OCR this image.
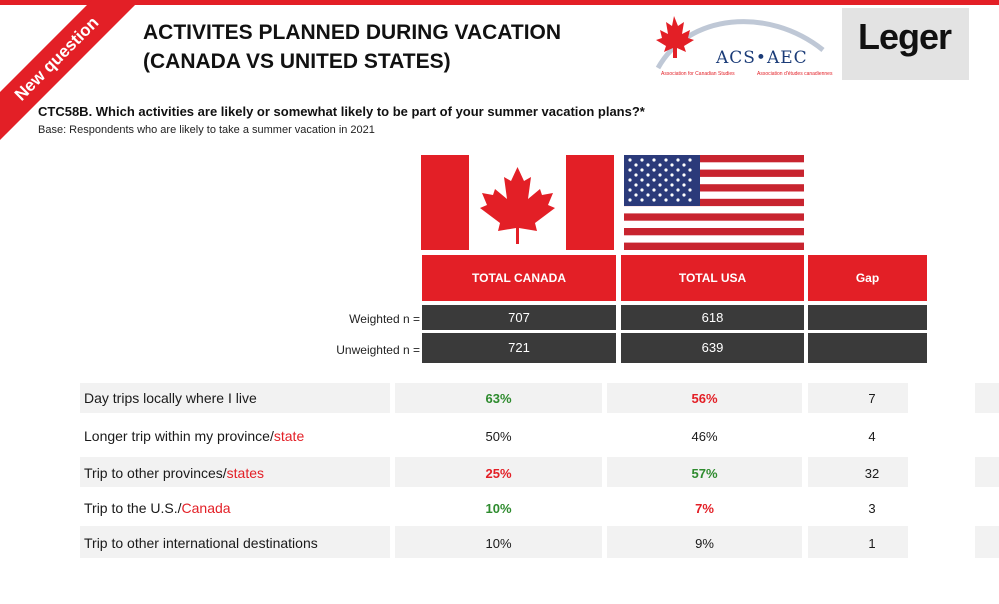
New question	ACTIVITES PLANNED DURING VACATION
(CANADA VS UNITED STATES)	ACS•AEC
Association for Canadian Studies	Association d'études canadiennes
Leger
CTC58B. Which activities are likely or somewhat likely to be part of your summer vacation plans?*
Base: Respondents who are likely to take a summer vacation in 2021
TOTAL CANADA	TOTAL USA	Gap
Weighted n =	707	618
Unweighted n =	721	639
Day trips locally where I live	63%	56%	7
Longer trip within my province/state	50%	46%	4
Trip to other provinces/states	25%	57%	32
Trip to the U.S./Canada	10%	7%	3
Trip to other international destinations	10%	9%	1
